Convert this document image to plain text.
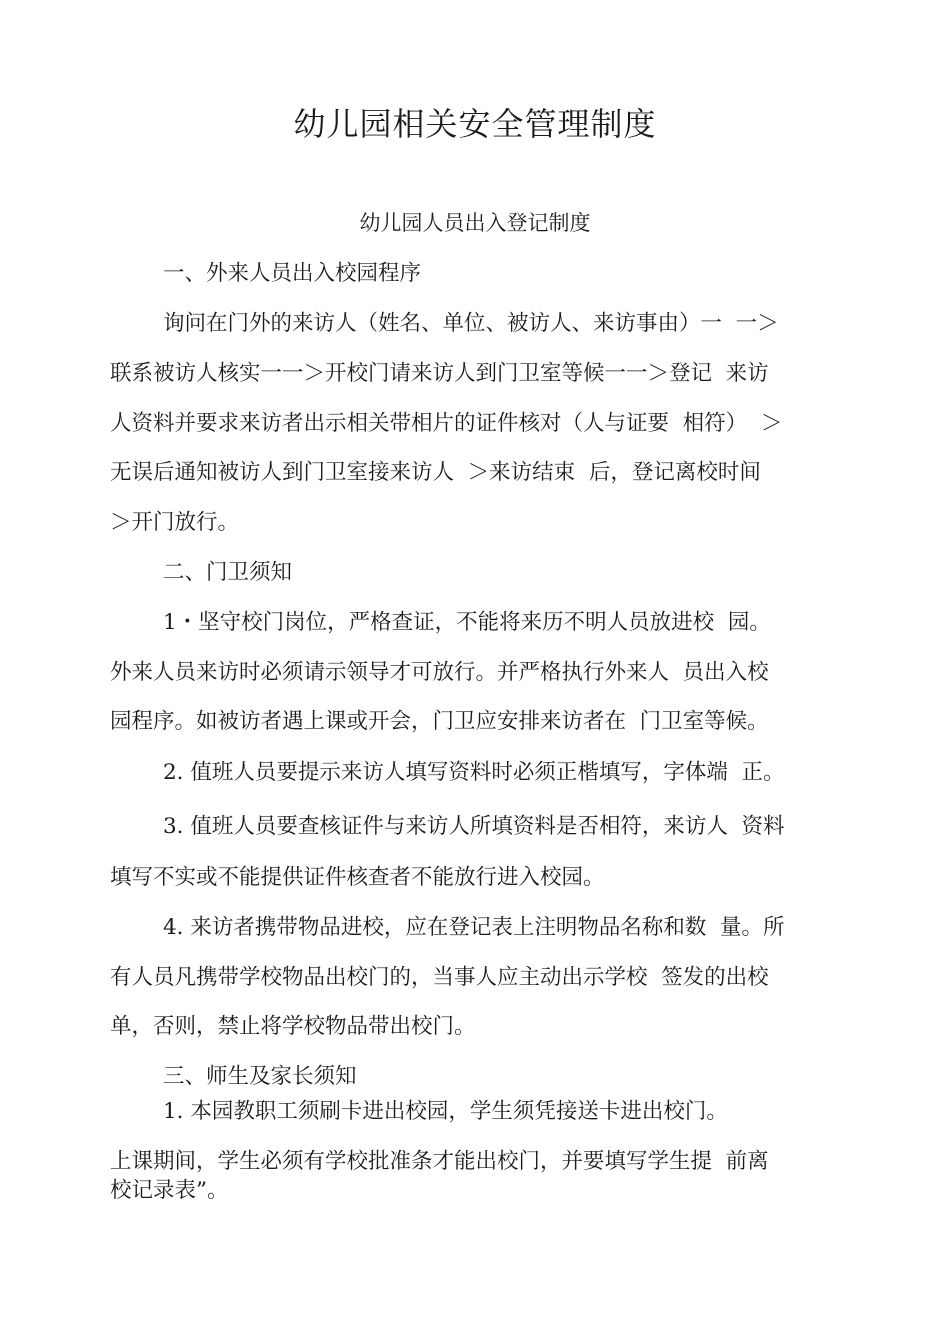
幼儿园相关安全管理制度
幼儿园人员出入登记制度

一、外来人员出入校园程序

询问在门外的来访人（姓名、单位、被访人、来访事由）一  一＞

联系被访人核实一一＞开校门请来访人到门卫室等候一一＞登记  来访

人资料并要求来访者出示相关带相片的证件核对（人与证要  相符）  ＞

无误后通知被访人到门卫室接来访人  ＞来访结束  后，登记离校时间

＞开门放行。

二、门卫须知

1・坚守校门岗位，严格查证，不能将来历不明人员放进校  园。

外来人员来访时必须请示领导才可放行。并严格执行外来人  员出入校

园程序。如被访者遇上课或开会，门卫应安排来访者在  门卫室等候。

2. 值班人员要提示来访人填写资料时必须正楷填写，字体端  正。

3. 值班人员要查核证件与来访人所填资料是否相符，来访人  资料

填写不实或不能提供证件核查者不能放行进入校园。

4. 来访者携带物品进校，应在登记表上注明物品名称和数  量。所

有人员凡携带学校物品出校门的，当事人应主动出示学校  签发的出校

单，否则，禁止将学校物品带出校门。

三、师生及家长须知

1. 本园教职工须刷卡进出校园，学生须凭接送卡进出校门。

上课期间，学生必须有学校批准条才能出校门，并要填写学生提  前离

校记录表”。
